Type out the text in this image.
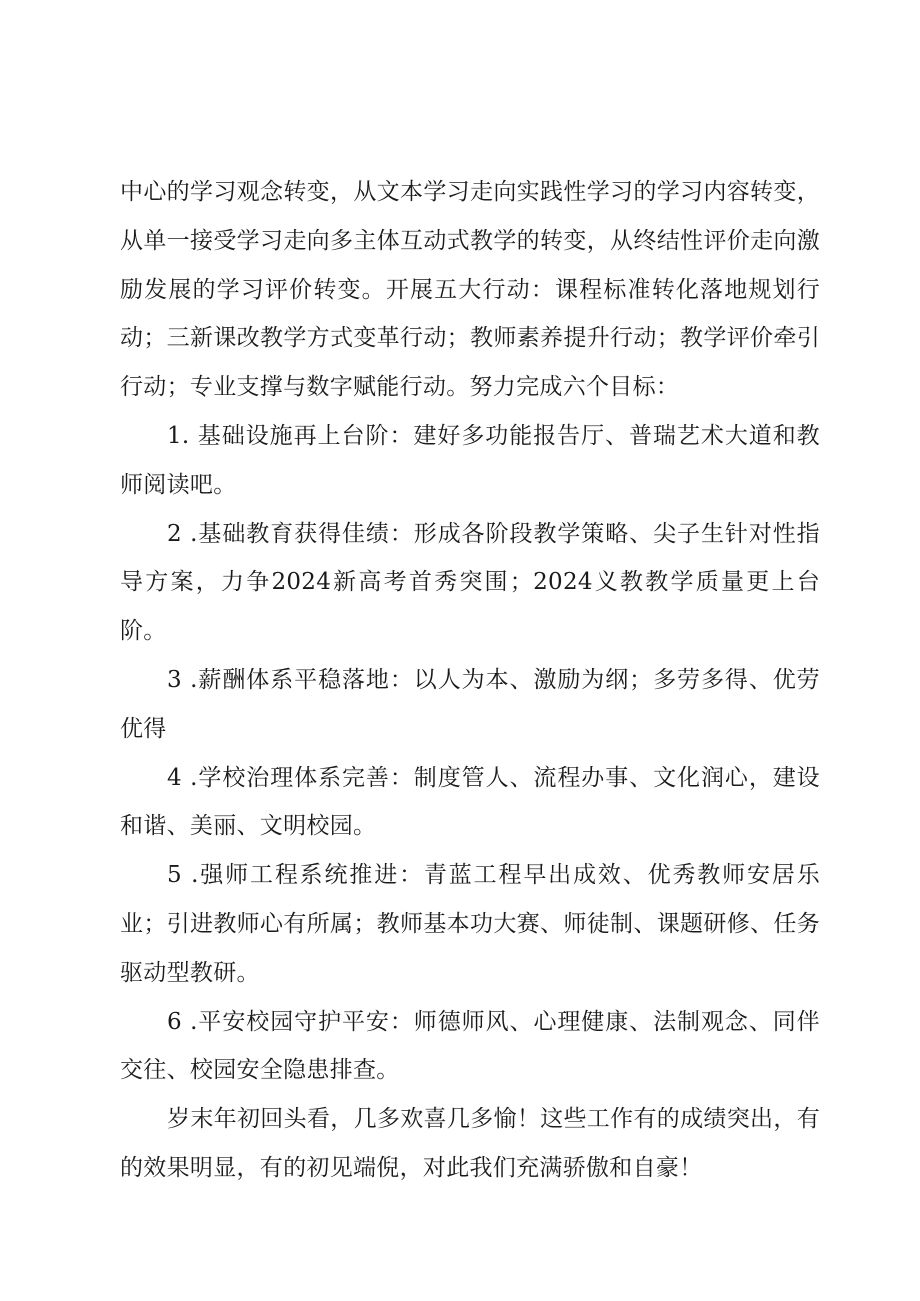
中心的学习观念转变，从文本学习走向实践性学习的学习内容转变，从单一接受学习走向多主体互动式教学的转变，从终结性评价走向激励发展的学习评价转变。开展五大行动：课程标准转化落地规划行动；三新课改教学方式变革行动；教师素养提升行动；教学评价牵引行动；专业支撑与数字赋能行动。努力完成六个目标：

1. 基础设施再上台阶：建好多功能报告厅、普瑞艺术大道和教师阅读吧。

2 .基础教育获得佳绩：形成各阶段教学策略、尖子生针对性指导方案，力争2024新高考首秀突围；2024义教教学质量更上台阶。

3 .薪酬体系平稳落地：以人为本、激励为纲；多劳多得、优劳优得

4 .学校治理体系完善：制度管人、流程办事、文化润心，建设和谐、美丽、文明校园。

5 .强师工程系统推进：青蓝工程早出成效、优秀教师安居乐业；引进教师心有所属；教师基本功大赛、师徒制、课题研修、任务驱动型教研。

6 .平安校园守护平安：师德师风、心理健康、法制观念、同伴交往、校园安全隐患排查。

岁末年初回头看，几多欢喜几多愉！这些工作有的成绩突出，有的效果明显，有的初见端倪，对此我们充满骄傲和自豪！
